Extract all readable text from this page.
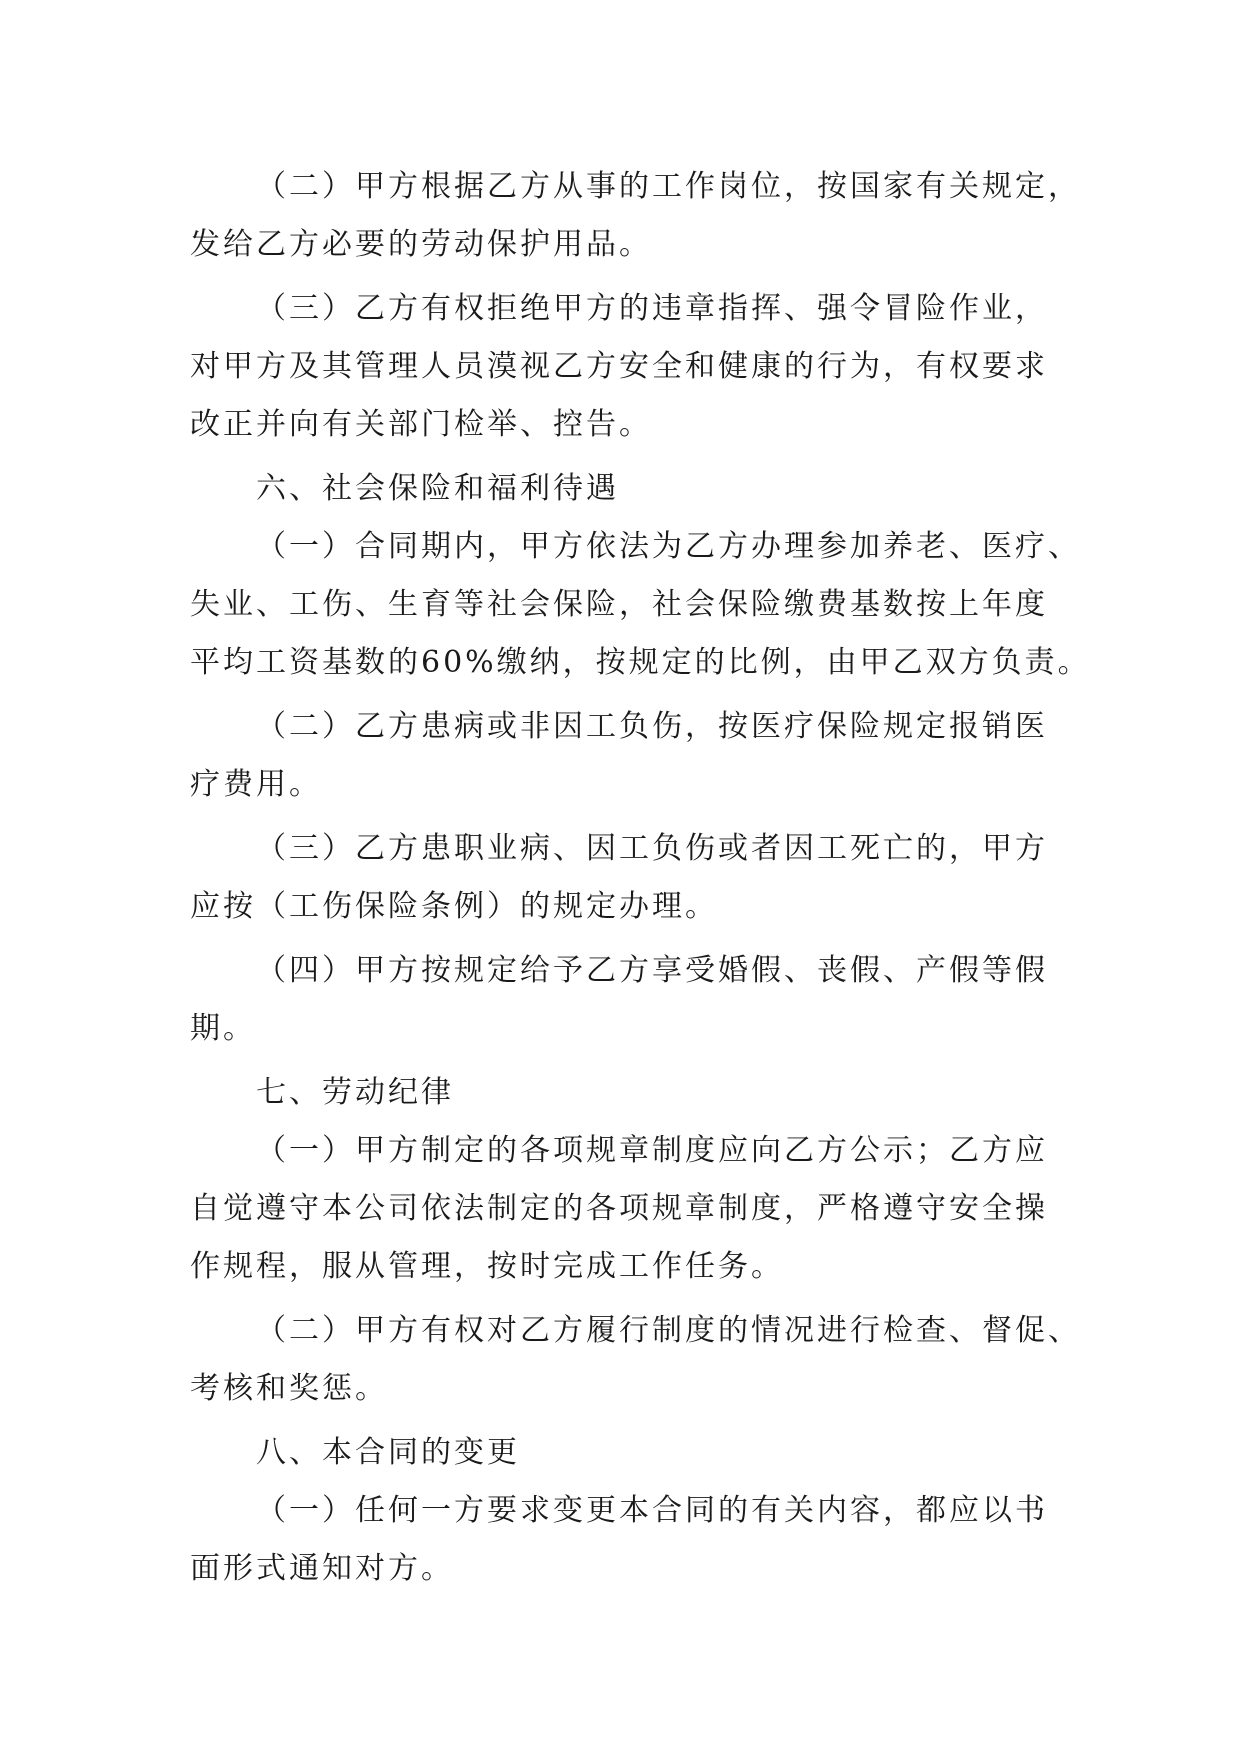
（二）甲方根据乙方从事的工作岗位，按国家有关规定，
发给乙方必要的劳动保护用品。
（三）乙方有权拒绝甲方的违章指挥、强令冒险作业，
对甲方及其管理人员漠视乙方安全和健康的行为，有权要求
改正并向有关部门检举、控告。
六、社会保险和福利待遇
（一）合同期内，甲方依法为乙方办理参加养老、医疗、
失业、工伤、生育等社会保险，社会保险缴费基数按上年度
平均工资基数的60%缴纳，按规定的比例，由甲乙双方负责。
（二）乙方患病或非因工负伤，按医疗保险规定报销医
疗费用。
（三）乙方患职业病、因工负伤或者因工死亡的，甲方
应按（工伤保险条例）的规定办理。
（四）甲方按规定给予乙方享受婚假、丧假、产假等假
期。
七、劳动纪律
（一）甲方制定的各项规章制度应向乙方公示；乙方应
自觉遵守本公司依法制定的各项规章制度，严格遵守安全操
作规程，服从管理，按时完成工作任务。
（二）甲方有权对乙方履行制度的情况进行检查、督促、
考核和奖惩。
八、本合同的变更
（一）任何一方要求变更本合同的有关内容，都应以书
面形式通知对方。
